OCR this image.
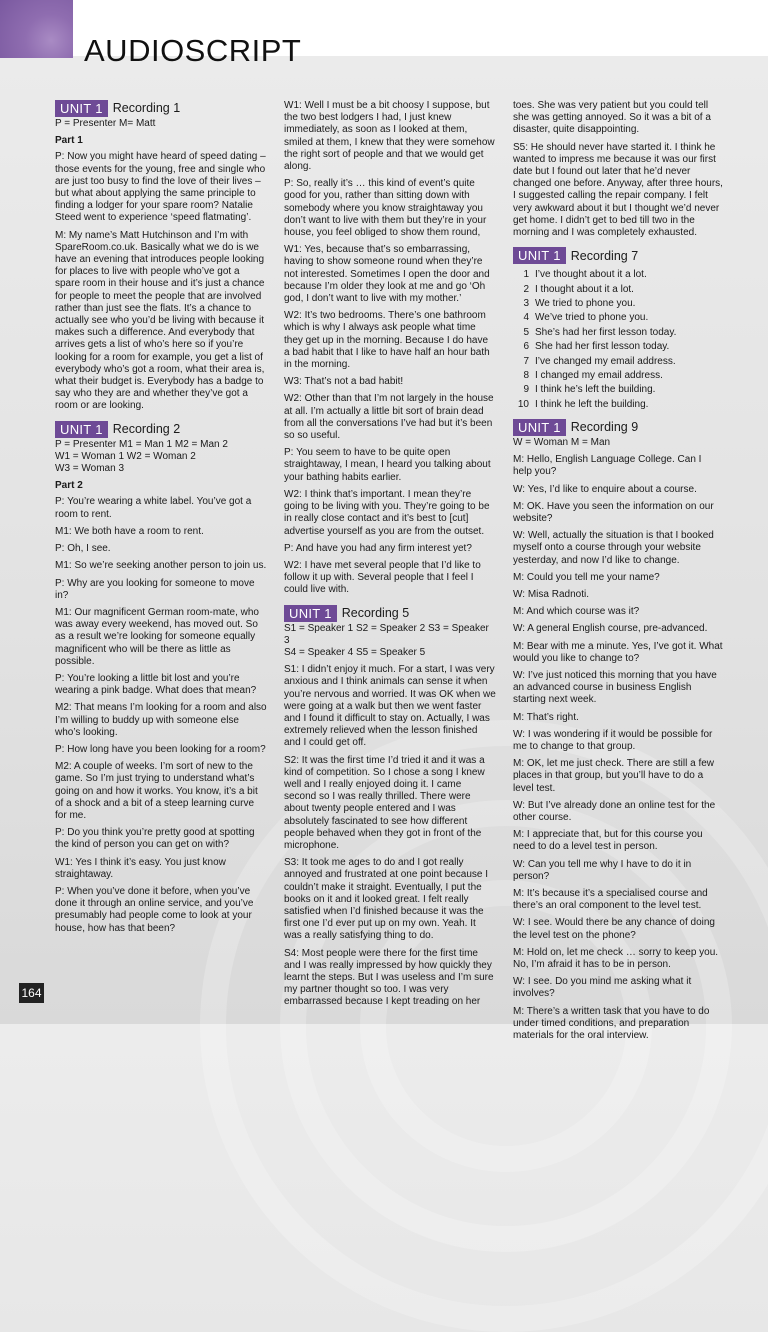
AUDIOSCRIPT
UNIT 1 Recording 1

P = Presenter M= Matt

Part 1

P: Now you might have heard of speed dating – those events for the young, free and single who are just too busy to find the love of their lives – but what about applying the same principle to finding a lodger for your spare room? Natalie Steed went to experience ‘speed flatmating’.

M: My name’s Matt Hutchinson and I’m with SpareRoom.co.uk. Basically what we do is we have an evening that introduces people looking for places to live with people who’ve got a spare room in their house and it’s just a chance for people to meet the people that are involved rather than just see the flats. It’s a chance to actually see who you’d be living with because it makes such a difference. And everybody that arrives gets a list of who’s here so if you’re looking for a room for example, you get a list of everybody who’s got a room, what their area is, what their budget is. Everybody has a badge to say who they are and whether they’ve got a room or are looking.

UNIT 1 Recording 2

P = Presenter M1 = Man 1 M2 = Man 2

W1 = Woman 1 W2 = Woman 2

W3 = Woman 3

Part 2

P: You’re wearing a white label. You’ve got a room to rent.

M1: We both have a room to rent.

P: Oh, I see.

M1: So we’re seeking another person to join us.

P: Why are you looking for someone to move in?

M1: Our magnificent German room-mate, who was away every weekend, has moved out. So as a result we’re looking for someone equally magnificent who will be there as little as possible.

P: You’re looking a little bit lost and you’re wearing a pink badge. What does that mean?

M2: That means I’m looking for a room and also I’m willing to buddy up with someone else who’s looking.

P: How long have you been looking for a room?

M2: A couple of weeks. I’m sort of new to the game. So I’m just trying to understand what’s going on and how it works. You know, it’s a bit of a shock and a bit of a steep learning curve for me.

P: Do you think you’re pretty good at spotting the kind of person you can get on with?

W1: Yes I think it’s easy. You just know straightaway.

P: When you’ve done it before, when you’ve done it through an online service, and you’ve presumably had people come to look at your house, how has that been?

W1: Well I must be a bit choosy I suppose, but the two best lodgers I had, I just knew immediately, as soon as I looked at them, smiled at them, I knew that they were somehow the right sort of people and that we would get along.

P: So, really it’s … this kind of event’s quite good for you, rather than sitting down with somebody where you know straightaway you don’t want to live with them but they’re in your house, you feel obliged to show them round,

W1: Yes, because that’s so embarrassing, having to show someone round when they’re not interested. Sometimes I open the door and because I’m older they look at me and go ‘Oh god, I don’t want to live with my mother.’

W2: It’s two bedrooms. There’s one bathroom which is why I always ask people what time they get up in the morning. Because I do have a bad habit that I like to have half an hour bath in the morning.

W3: That’s not a bad habit!

W2: Other than that I’m not largely in the house at all. I’m actually a little bit sort of brain dead from all the conversations I’ve had but it’s been so so useful.

P: You seem to have to be quite open straightaway, I mean, I heard you talking about your bathing habits earlier.

W2: I think that’s important. I mean they’re going to be living with you. They’re going to be in really close contact and it’s best to [cut] advertise yourself as you are from the outset.

P: And have you had any firm interest yet?

W2: I have met several people that I’d like to follow it up with. Several people that I feel I could live with.

UNIT 1 Recording 5

S1 = Speaker 1 S2 = Speaker 2 S3 = Speaker 3

S4 = Speaker 4 S5 = Speaker 5

S1: I didn’t enjoy it much. For a start, I was very anxious and I think animals can sense it when you’re nervous and worried. It was OK when we were going at a walk but then we went faster and I found it difficult to stay on. Actually, I was extremely relieved when the lesson finished and I could get off.

S2: It was the first time I’d tried it and it was a kind of competition. So I chose a song I knew well and I really enjoyed doing it. I came second so I was really thrilled. There were about twenty people entered and I was absolutely fascinated to see how different people behaved when they got in front of the microphone.

S3: It took me ages to do and I got really annoyed and frustrated at one point because I couldn’t make it straight. Eventually, I put the books on it and it looked great. I felt really satisfied when I’d finished because it was the first one I’d ever put up on my own. Yeah. It was a really satisfying thing to do.

S4: Most people were there for the first time and I was really impressed by how quickly they learnt the steps. But I was useless and I’m sure my partner thought so too. I was very embarrassed because I kept treading on her

toes. She was very patient but you could tell she was getting annoyed. So it was a bit of a disaster, quite disappointing.

S5: He should never have started it. I think he wanted to impress me because it was our first date but I found out later that he’d never changed one before. Anyway, after three hours, I suggested calling the repair company. I felt very awkward about it but I thought we’d never get home. I didn’t get to bed till two in the morning and I was completely exhausted.

UNIT 1 Recording 7
1 I’ve thought about it a lot.
2 I thought about it a lot.
3 We tried to phone you.
4 We’ve tried to phone you.
5 She’s had her first lesson today.
6 She had her first lesson today.
7 I’ve changed my email address.
8 I changed my email address.
9 I think he’s left the building.
10 I think he left the building.
UNIT 1 Recording 9

W = Woman M = Man

M: Hello, English Language College. Can I help you?

W: Yes, I’d like to enquire about a course.

M: OK. Have you seen the information on our website?

W: Well, actually the situation is that I booked myself onto a course through your website yesterday, and now I’d like to change.

M: Could you tell me your name?

W: Misa Radnoti.

M: And which course was it?

W: A general English course, pre-advanced.

M: Bear with me a minute. Yes, I’ve got it. What would you like to change to?

W: I’ve just noticed this morning that you have an advanced course in business English starting next week.

M: That’s right.

W: I was wondering if it would be possible for me to change to that group.

M: OK, let me just check. There are still a few places in that group, but you’ll have to do a level test.

W: But I’ve already done an online test for the other course.

M: I appreciate that, but for this course you need to do a level test in person.

W: Can you tell me why I have to do it in person?

M: It’s because it’s a specialised course and there’s an oral component to the level test.

W: I see. Would there be any chance of doing the level test on the phone?

M: Hold on, let me check … sorry to keep you. No, I’m afraid it has to be in person.

W: I see. Do you mind me asking what it involves?

M: There’s a written task that you have to do under timed conditions, and preparation materials for the oral interview.

164
